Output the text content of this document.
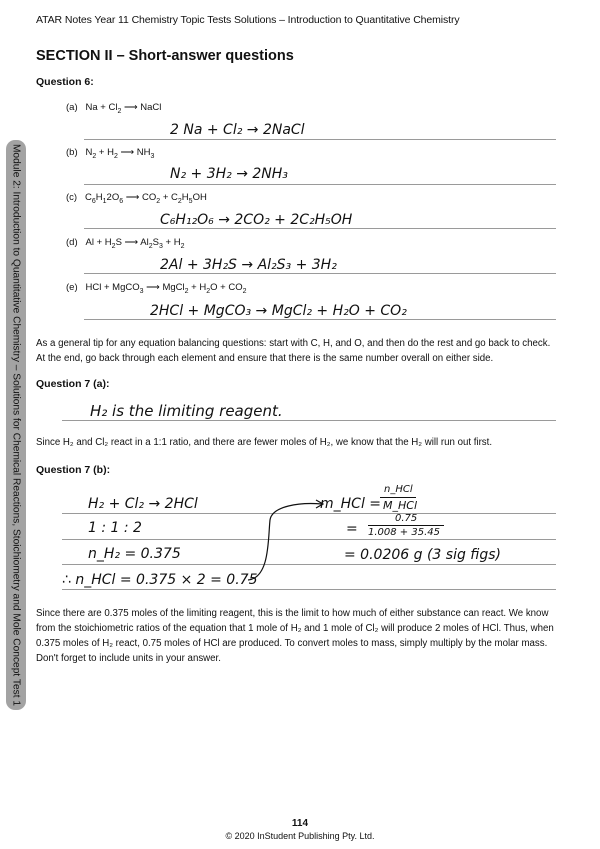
ATAR Notes Year 11 Chemistry Topic Tests Solutions – Introduction to Quantitative Chemistry
SECTION II – Short-answer questions
Module 2: Introduction to Quantitative Chemistry – Solutions for Chemical Reactions, Stoichiometry and Mole Concept Test 1
Question 6:
(a)   $Na + Cl_2$ ⟶ NaCl
2 Na + Cl₂ → 2NaCl
(b)   $N_2 + H_2$ ⟶ $NH_3$
N₂ + 3H₂ → 2NH₃
(c)   $C_6H_12O_6$ ⟶ $CO_2 + C_2H_5OH$
C₆H₁₂O₆ → 2CO₂ + 2C₂H₅OH
(d)   $Al + H_2S$ ⟶ $Al_2S_3 + H_2$
2Al + 3H₂S → Al₂S₃ + 3H₂
(e)   HCl + MgCO$_3$ ⟶ MgCl$_2$ + $H_2O + CO_2$
2HCl + MgCO₃ → MgCl₂ + H₂O + CO₂
As a general tip for any equation balancing questions: start with C, H, and O, and then do the rest and go back to check. At the end, go back through each element and ensure that there is the same number overall on either side.
Question 7 (a):
H₂ is the limiting reagent.
Since H₂ and Cl₂ react in a 1:1 ratio, and there are fewer moles of H₂, we know that the H₂ will run out first.
Question 7 (b):
H₂ + Cl₂ → 2HCl
1 : 1 : 2
n_H₂ = 0.375
∴ n_HCl = 0.375 × 2 = 0.75
m_HCl =
n_HCl
M_HCl
=
0.75
1.008 + 35.45
= 0.0206 g (3 sig figs)
Since there are 0.375 moles of the limiting reagent, this is the limit to how much of either substance can react. We know from the stoichiometric ratios of the equation that 1 mole of H₂ and 1 mole of Cl₂ will produce 2 moles of HCl. Thus, when 0.375 moles of H₂ react, 0.75 moles of HCl are produced. To convert moles to mass, simply multiply by the molar mass. Don't forget to include units in your answer.
114
© 2020 InStudent Publishing Pty. Ltd.
